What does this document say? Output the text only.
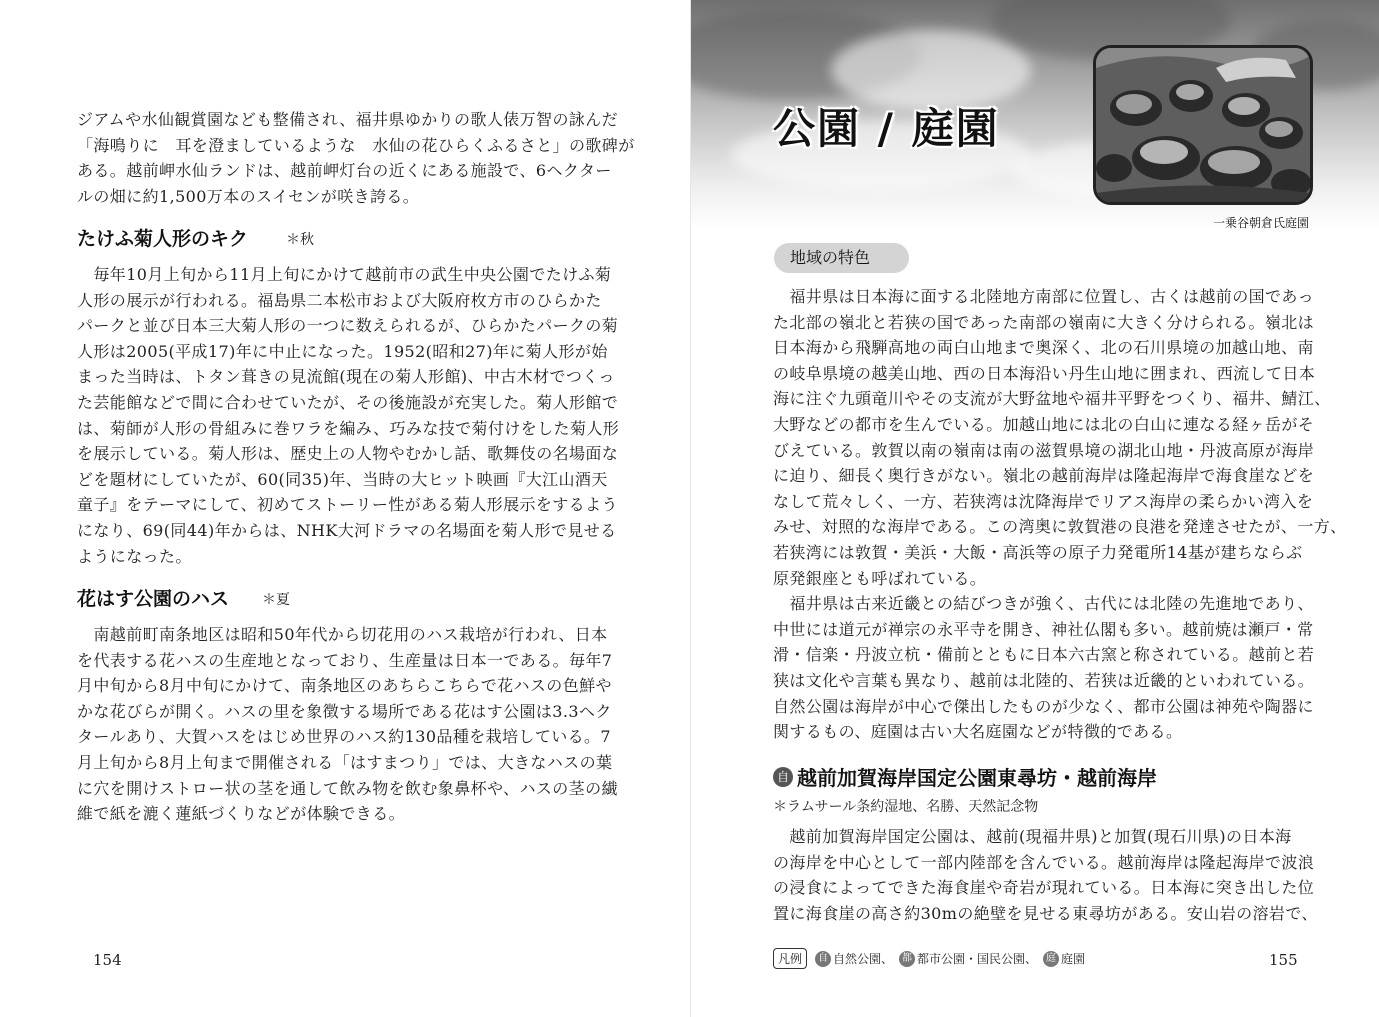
ジアムや水仙観賞園なども整備され、福井県ゆかりの歌人俵万智の詠んだ

「海鳴りに　耳を澄ましているような　水仙の花ひらくふるさと」の歌碑が

ある。越前岬水仙ランドは、越前岬灯台の近くにある施設で、6ヘクター

ルの畑に約1,500万本のスイセンが咲き誇る。

たけふ菊人形のキク	＊秋

　毎年10月上旬から11月上旬にかけて越前市の武生中央公園でたけふ菊

人形の展示が行われる。福島県二本松市および大阪府枚方市のひらかた

パークと並び日本三大菊人形の一つに数えられるが、ひらかたパークの菊

人形は2005(平成17)年に中止になった。1952(昭和27)年に菊人形が始

まった当時は、トタン葺きの見流館(現在の菊人形館)、中古木材でつくっ

た芸能館などで間に合わせていたが、その後施設が充実した。菊人形館で

は、菊師が人形の骨組みに巻ワラを編み、巧みな技で菊付けをした菊人形

を展示している。菊人形は、歴史上の人物やむかし話、歌舞伎の名場面な

どを題材にしていたが、60(同35)年、当時の大ヒット映画『大江山酒天

童子』をテーマにして、初めてストーリー性がある菊人形展示をするよう

になり、69(同44)年からは、NHK大河ドラマの名場面を菊人形で見せる

ようになった。

花はす公園のハス ＊夏

　南越前町南条地区は昭和50年代から切花用のハス栽培が行われ、日本

を代表する花ハスの生産地となっており、生産量は日本一である。毎年7

月中旬から8月中旬にかけて、南条地区のあちらこちらで花ハスの色鮮や

かな花びらが開く。ハスの里を象徴する場所である花はす公園は3.3ヘク

タールあり、大賀ハスをはじめ世界のハス約130品種を栽培している。7

月上旬から8月上旬まで開催される「はすまつり」では、大きなハスの葉

に穴を開けストロー状の茎を通して飲み物を飲む象鼻杯や、ハスの茎の繊

維で紙を漉く蓮紙づくりなどが体験できる。

154
公園 / 庭園
一乗谷朝倉氏庭園
地域の特色

　福井県は日本海に面する北陸地方南部に位置し、古くは越前の国であっ

た北部の嶺北と若狭の国であった南部の嶺南に大きく分けられる。嶺北は

日本海から飛騨高地の両白山地まで奥深く、北の石川県境の加越山地、南

の岐阜県境の越美山地、西の日本海沿い丹生山地に囲まれ、西流して日本

海に注ぐ九頭竜川やその支流が大野盆地や福井平野をつくり、福井、鯖江、

大野などの都市を生んでいる。加越山地には北の白山に連なる経ヶ岳がそ

びえている。敦賀以南の嶺南は南の滋賀県境の湖北山地・丹波高原が海岸

に迫り、細長く奥行きがない。嶺北の越前海岸は隆起海岸で海食崖などを

なして荒々しく、一方、若狭湾は沈降海岸でリアス海岸の柔らかい湾入を

みせ、対照的な海岸である。この湾奥に敦賀港の良港を発達させたが、一方、

若狭湾には敦賀・美浜・大飯・高浜等の原子力発電所14基が建ちならぶ

原発銀座とも呼ばれている。

　福井県は古来近畿との結びつきが強く、古代には北陸の先進地であり、

中世には道元が禅宗の永平寺を開き、神社仏閣も多い。越前焼は瀬戸・常

滑・信楽・丹波立杭・備前とともに日本六古窯と称されている。越前と若

狭は文化や言葉も異なり、越前は北陸的、若狭は近畿的といわれている。

自然公園は海岸が中心で傑出したものが少なく、都市公園は神苑や陶器に

関するもの、庭園は古い大名庭園などが特徴的である。

自 越前加賀海岸国定公園東尋坊・越前海岸
＊ラムサール条約湿地、名勝、天然記念物

　越前加賀海岸国定公園は、越前(現福井県)と加賀(現石川県)の日本海

の海岸を中心として一部内陸部を含んでいる。越前海岸は隆起海岸で波浪

の浸食によってできた海食崖や奇岩が現れている。日本海に突き出した位

置に海食崖の高さ約30mの絶壁を見せる東尋坊がある。安山岩の溶岩で、

凡例	自 自然公園、 都 都市公園・国民公園、 庭 庭園	155
